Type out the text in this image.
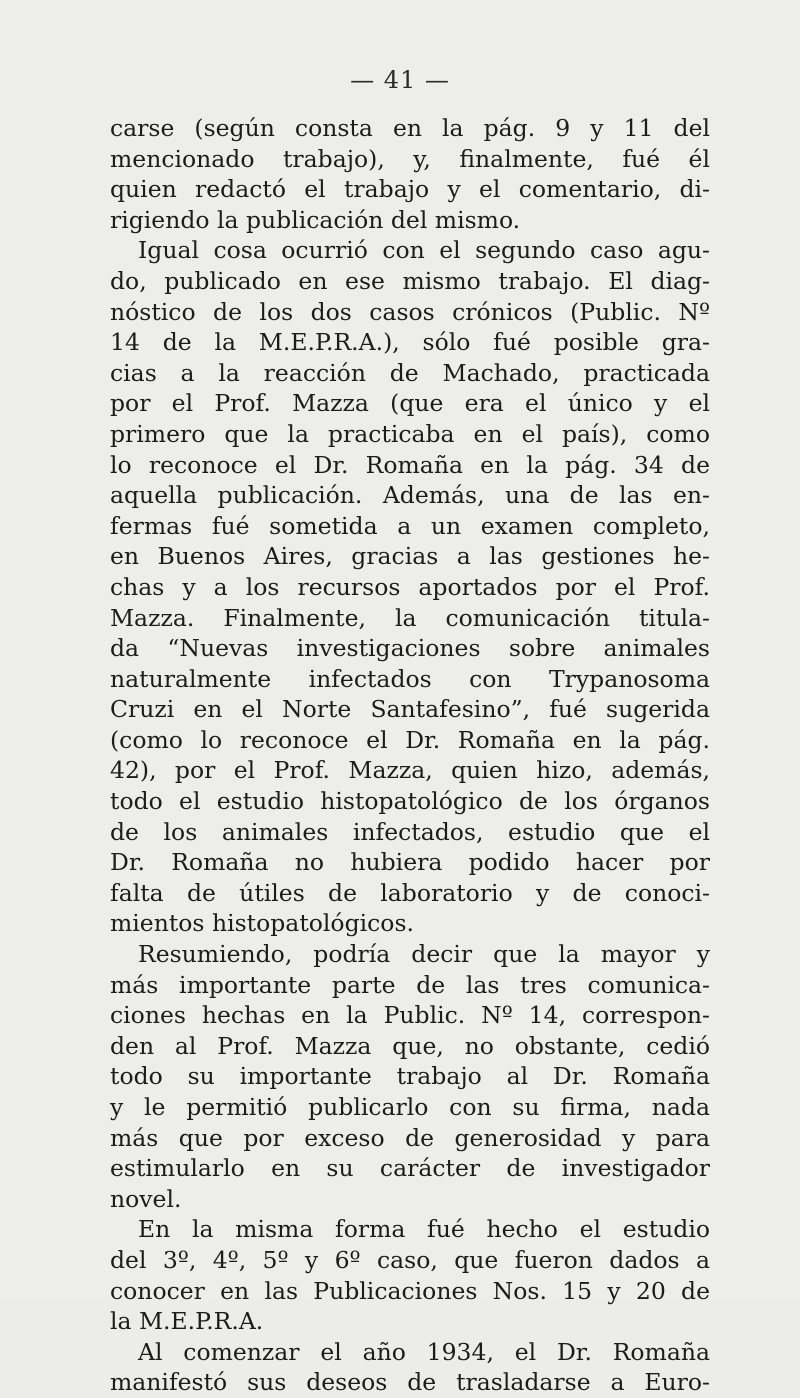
— 41 —
carse (según consta en la pág. 9 y 11 del
mencionado trabajo), y, finalmente, fué él
quien redactó el trabajo y el comentario, di-
rigiendo la publicación del mismo.
Igual cosa ocurrió con el segundo caso agu-
do, publicado en ese mismo trabajo. El diag-
nóstico de los dos casos crónicos (Public. Nº
14 de la M.E.P.R.A.), sólo fué posible gra-
cias a la reacción de Machado, practicada
por el Prof. Mazza (que era el único y el
primero que la practicaba en el país), como
lo reconoce el Dr. Romaña en la pág. 34 de
aquella publicación. Además, una de las en-
fermas fué sometida a un examen completo,
en Buenos Aires, gracias a las gestiones he-
chas y a los recursos aportados por el Prof.
Mazza. Finalmente, la comunicación titula-
da “Nuevas investigaciones sobre animales
naturalmente infectados con Trypanosoma
Cruzi en el Norte Santafesino”, fué sugerida
(como lo reconoce el Dr. Romaña en la pág.
42), por el Prof. Mazza, quien hizo, además,
todo el estudio histopatológico de los órganos
de los animales infectados, estudio que el
Dr. Romaña no hubiera podido hacer por
falta de útiles de laboratorio y de conoci-
mientos histopatológicos.
Resumiendo, podría decir que la mayor y
más importante parte de las tres comunica-
ciones hechas en la Public. Nº 14, correspon-
den al Prof. Mazza que, no obstante, cedió
todo su importante trabajo al Dr. Romaña
y le permitió publicarlo con su firma, nada
más que por exceso de generosidad y para
estimularlo en su carácter de investigador
novel.
En la misma forma fué hecho el estudio
del 3º, 4º, 5º y 6º caso, que fueron dados a
conocer en las Publicaciones Nos. 15 y 20 de
la M.E.P.R.A.
Al comenzar el año 1934, el Dr. Romaña
manifestó sus deseos de trasladarse a Euro-
